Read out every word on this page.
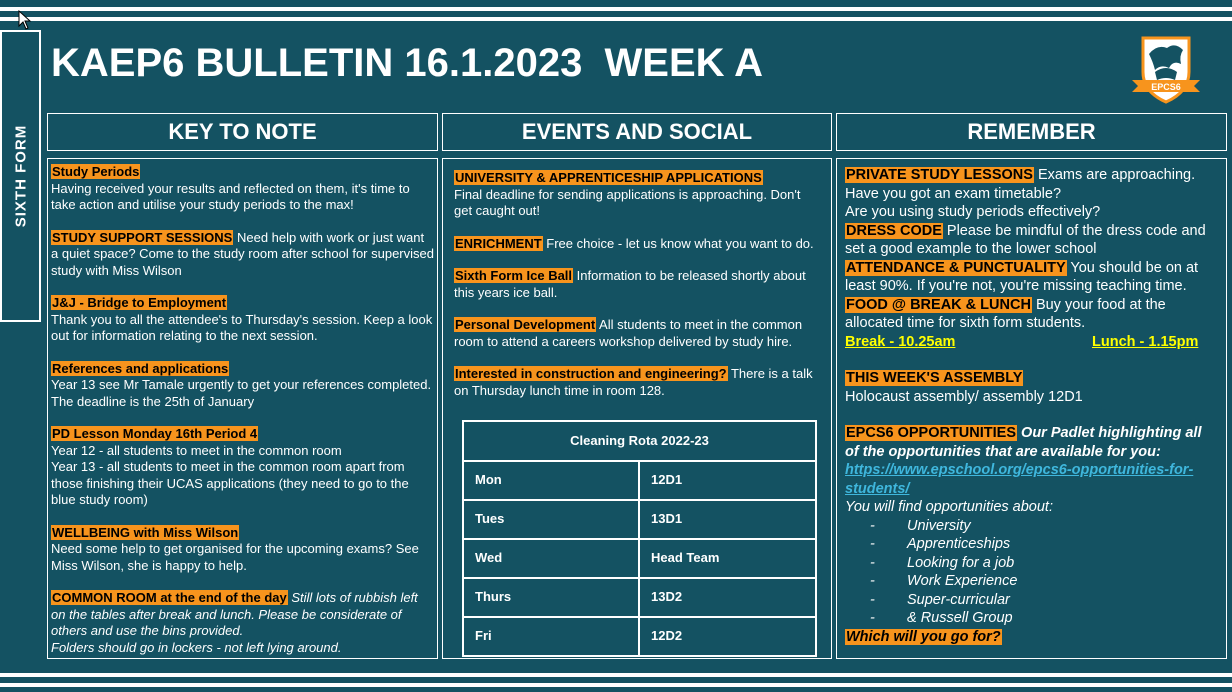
SIXTH FORM
KAEP6 BULLETIN 16.1.2023  WEEK A
EPCS6
KEY TO NOTE	EVENTS AND SOCIAL	REMEMBER
Study Periods
Having received your results and reflected on them, it's time to take action and utilise your study periods to the max!
STUDY SUPPORT SESSIONS Need help with work or just want a quiet space? Come to the study room after school for supervised study with Miss Wilson
J&J - Bridge to Employment
Thank you to all the attendee's to Thursday's session. Keep a look out for information relating to the next session.
References and applications
Year 13 see Mr Tamale urgently to get your references completed. The deadline is the 25th of January
PD Lesson Monday 16th Period 4
Year 12 - all students to meet in the common room
Year 13 - all students to meet in the common room apart from those finishing their UCAS applications (they need to go to the blue study room)
WELLBEING with Miss Wilson
Need some help to get organised for the upcoming exams? See Miss Wilson, she is happy to help.
COMMON ROOM at the end of the day Still lots of rubbish left on the tables after break and lunch. Please be considerate of others and use the bins provided.
Folders should go in lockers - not left lying around.
UNIVERSITY & APPRENTICESHIP APPLICATIONS
Final deadline for sending applications is approaching. Don't get caught out!
ENRICHMENT Free choice - let us know what you want to do.
Sixth Form Ice Ball Information to be released shortly about this years ice ball.
Personal Development All students to meet in the common room to attend a careers workshop delivered by study hire.
Interested in construction and engineering? There is a talk on Thursday lunch time in room 128.
Cleaning Rota 2022-23	
Mon	12D1
Tues	13D1
Wed	Head Team
Thurs	13D2
Fri	12D2
PRIVATE STUDY LESSONS Exams are approaching. Have you got an exam timetable?
Are you using study periods effectively?
DRESS CODE Please be mindful of the dress code and set a good example to the lower school
ATTENDANCE & PUNCTUALITY You should be on at least 90%. If you're not, you're missing teaching time.
FOOD @ BREAK & LUNCH Buy your food at the allocated time for sixth form students.
Break - 10.25am	Lunch - 1.15pm
THIS WEEK'S ASSEMBLY
Holocaust assembly/ assembly 12D1
EPCS6 OPPORTUNITIES Our Padlet highlighting all of the opportunities that are available for you:
https://www.epschool.org/epcs6-opportunities-for-students/
You will find opportunities about:
- University
- Apprenticeships
- Looking for a job
- Work Experience
- Super-curricular
- & Russell Group
Which will you go for?
